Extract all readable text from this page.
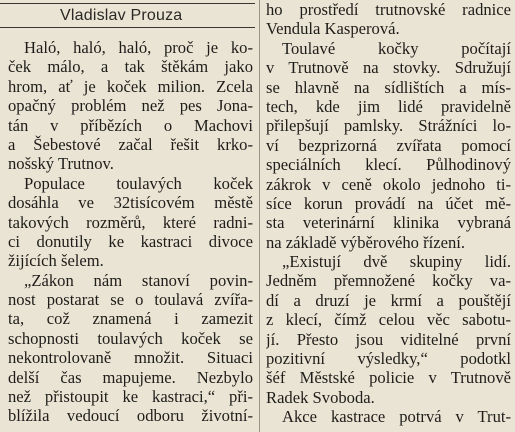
Vladislav Prouza
Haló, haló, haló, proč je ko-
ček málo, a tak štěkám jako
hrom, ať je koček milion. Zcela
opačný problém než pes Jona-
tán v příbězích o Machovi
a Šebestové začal řešit krko-
nošský Trutnov.
Populace toulavých koček
dosáhla ve 32tisícovém městě
takových rozměrů, které radni-
ci donutily ke kastraci divoce
žijících šelem.
„Zákon nám stanoví povin-
nost postarat se o toulavá zvířa-
ta, což znamená i zamezit
schopnosti toulavých koček se
nekontrolovaně množit. Situaci
delší čas mapujeme. Nezbylo
než přistoupit ke kastraci,“ při-
blížila vedoucí odboru životní-
ho prostředí trutnovské radnice
Vendula Kasperová.
Toulavé kočky počítají
v Trutnově na stovky. Sdružují
se hlavně na sídlištích a mís-
tech, kde jim lidé pravidelně
přilepšují pamlsky. Strážníci lo-
ví bezprizorná zvířata pomocí
speciálních klecí. Půlhodinový
zákrok v ceně okolo jednoho ti-
síce korun provádí na účet mě-
sta veterinární klinika vybraná
na základě výběrového řízení.
„Existují dvě skupiny lidí.
Jedněm přemnožené kočky va-
dí a druzí je krmí a pouštějí
z klecí, čímž celou věc sabotu-
jí. Přesto jsou viditelné první
pozitivní výsledky,“ podotkl
šéf Městské policie v Trutnově
Radek Svoboda.
Akce kastrace potrvá v Trut-
